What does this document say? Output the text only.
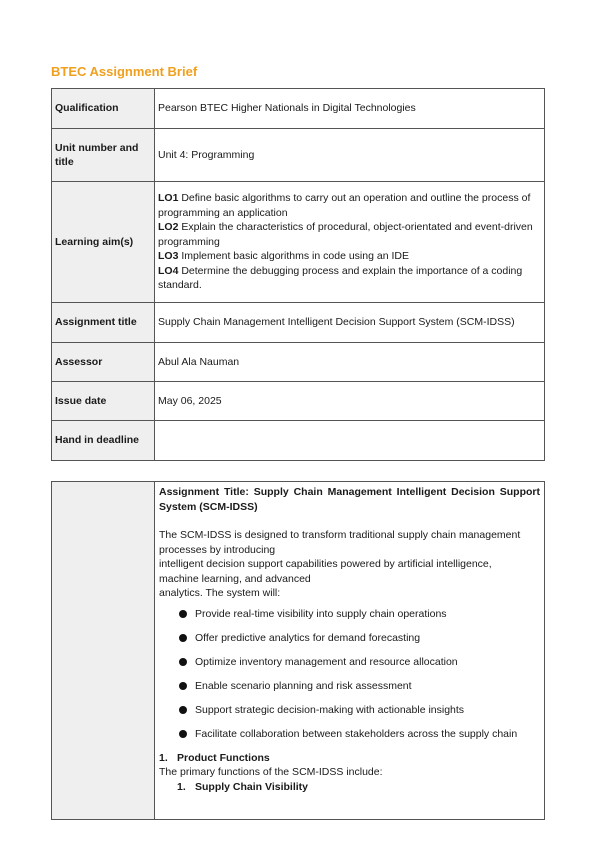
BTEC Assignment Brief
Qualification	Pearson BTEC Higher Nationals in Digital Technologies
Unit number and title	Unit 4: Programming
Learning aim(s)	LO1 Define basic algorithms to carry out an operation and outline the process of programming an application
LO2 Explain the characteristics of procedural, object-orientated and event-driven programming
LO3 Implement basic algorithms in code using an IDE
LO4 Determine the debugging process and explain the importance of a coding standard.

Assignment title	Supply Chain Management Intelligent Decision Support System (SCM-IDSS)
Assessor	Abul Ala Nauman
Issue date	May 06, 2025
Hand in deadline	

Assignment Title: Supply Chain Management Intelligent Decision Support System (SCM-IDSS)
The SCM-IDSS is designed to transform traditional supply chain management
processes by introducing
intelligent decision support capabilities powered by artificial intelligence,
machine learning, and advanced
analytics. The system will:
Provide real-time visibility into supply chain operations
Offer predictive analytics for demand forecasting
Optimize inventory management and resource allocation
Enable scenario planning and risk assessment
Support strategic decision-making with actionable insights
Facilitate collaboration between stakeholders across the supply chain
1. Product Functions
The primary functions of the SCM-IDSS include:
1. Supply Chain Visibility
